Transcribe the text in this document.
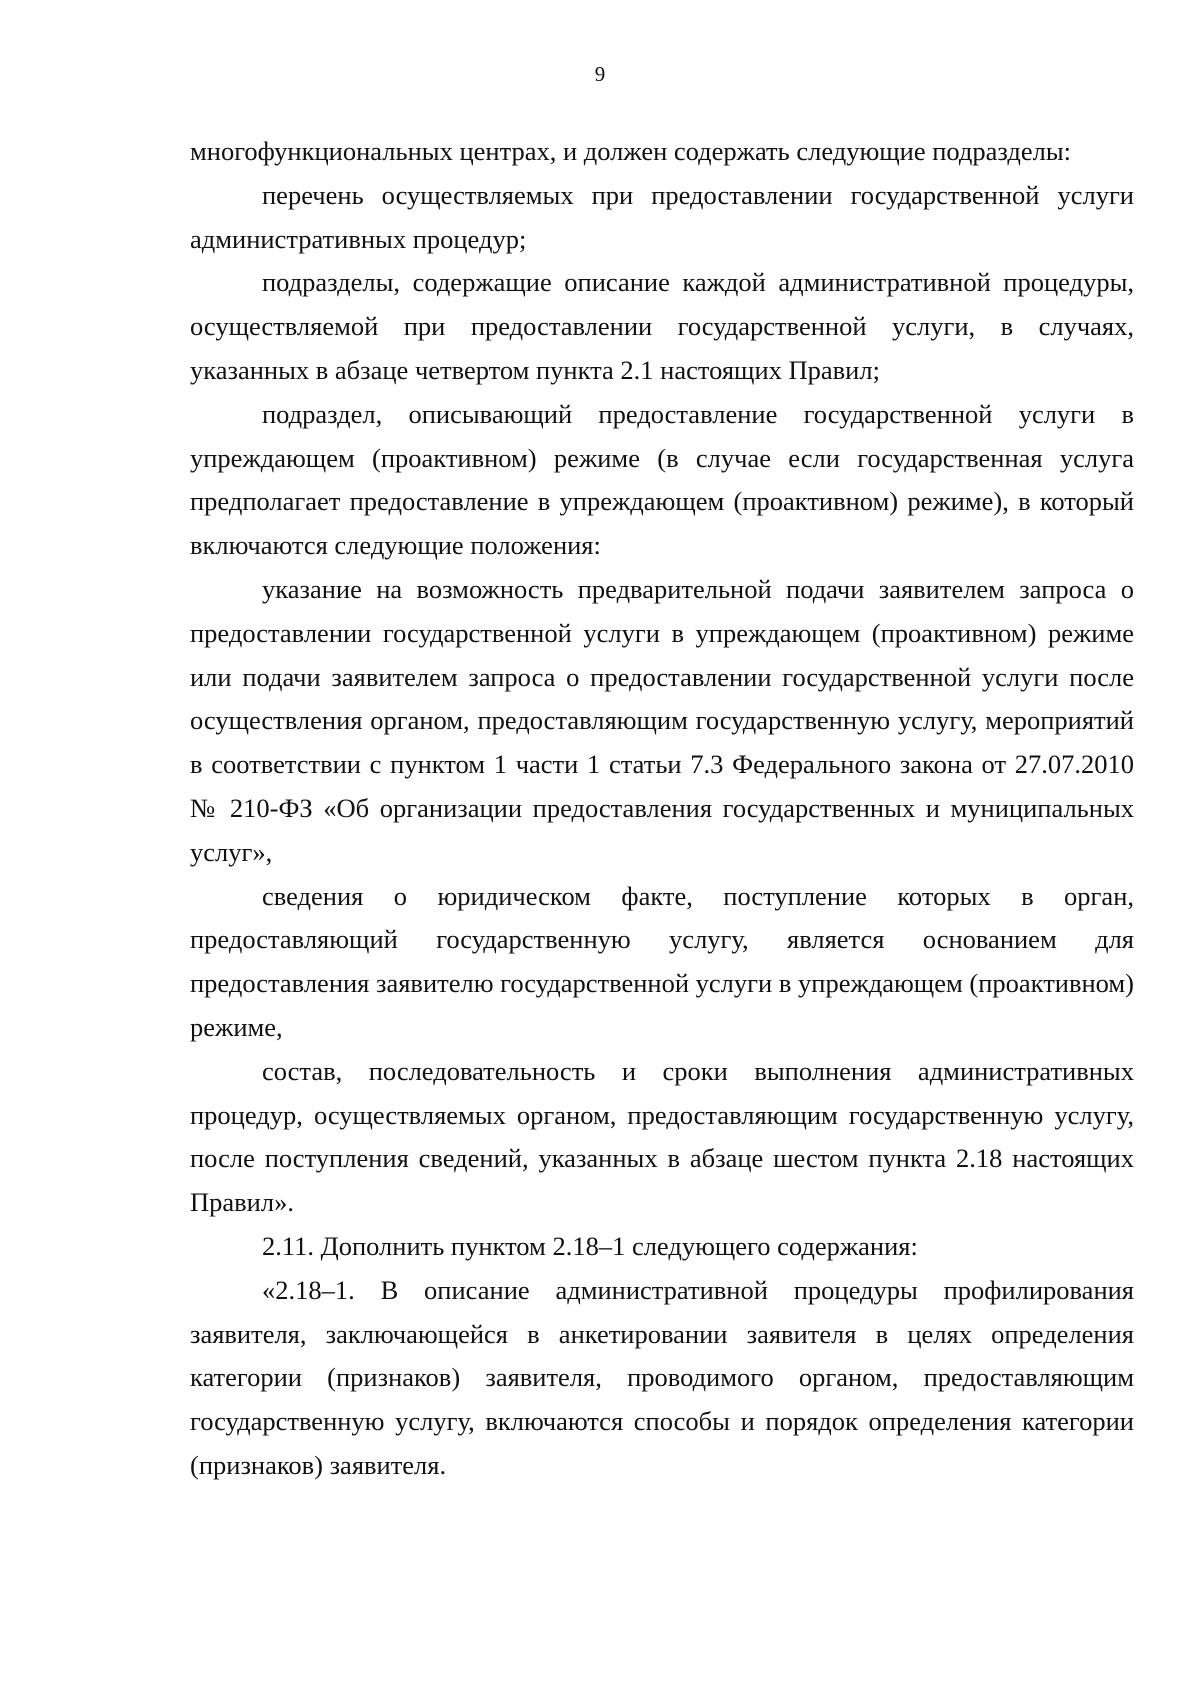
9

многофункциональных центрах, и должен содержать следующие подразделы:

перечень осуществляемых при предоставлении государственной услуги административных процедур;

подразделы, содержащие описание каждой административной процедуры, осуществляемой при предоставлении государственной услуги, в случаях, указанных в абзаце четвертом пункта 2.1 настоящих Правил;

подраздел, описывающий предоставление государственной услуги в упреждающем (проактивном) режиме (в случае если государственная услуга предполагает предоставление в упреждающем (проактивном) режиме), в который включаются следующие положения:

указание на возможность предварительной подачи заявителем запроса о предоставлении государственной услуги в упреждающем (проактивном) режиме или подачи заявителем запроса о предоставлении государственной услуги после осуществления органом, предоставляющим государственную услугу, мероприятий в соответствии с пунктом 1 части 1 статьи 7.3 Федерального закона от 27.07.2010 № 210-ФЗ «Об организации предоставления государственных и муниципальных услуг»,

сведения о юридическом факте, поступление которых в орган, предоставляющий государственную услугу, является основанием для предоставления заявителю государственной услуги в упреждающем (проактивном) режиме,

состав, последовательность и сроки выполнения административных процедур, осуществляемых органом, предоставляющим государственную услугу, после поступления сведений, указанных в абзаце шестом пункта 2.18 настоящих Правил».

2.11. Дополнить пунктом 2.18–1 следующего содержания:

«2.18–1. В описание административной процедуры профилирования заявителя, заключающейся в анкетировании заявителя в целях определения категории (признаков) заявителя, проводимого органом, предоставляющим государственную услугу, включаются способы и порядок определения категории (признаков) заявителя.
